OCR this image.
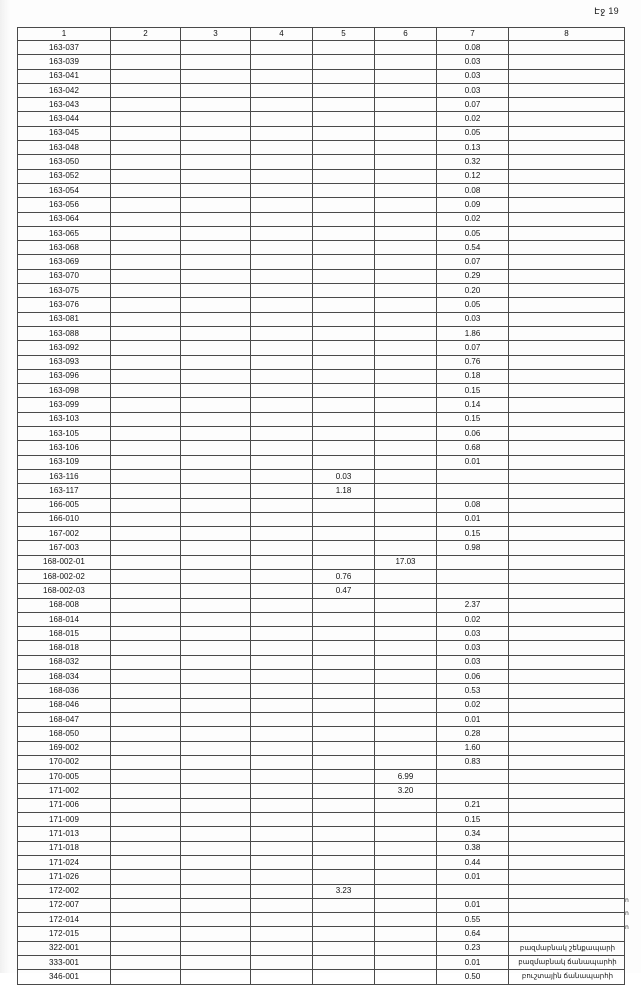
Էջ 19
1	2	3	4	5	6	7	8
163-037						0.08	
163-039						0.03	
163-041						0.03	
163-042						0.03	
163-043						0.07	
163-044						0.02	
163-045						0.05	
163-048						0.13	
163-050						0.32	
163-052						0.12	
163-054						0.08	
163-056						0.09	
163-064						0.02	
163-065						0.05	
163-068						0.54	
163-069						0.07	
163-070						0.29	
163-075						0.20	
163-076						0.05	
163-081						0.03	
163-088						1.86	
163-092						0.07	
163-093						0.76	
163-096						0.18	
163-098						0.15	
163-099						0.14	
163-103						0.15	
163-105						0.06	
163-106						0.68	
163-109						0.01	
163-116				0.03			
163-117				1.18			
166-005						0.08	
166-010						0.01	
167-002						0.15	
167-003						0.98	
168-002-01					17.03		
168-002-02				0.76			
168-002-03				0.47			
168-008						2.37	
168-014						0.02	
168-015						0.03	
168-018						0.03	
168-032						0.03	
168-034						0.06	
168-036						0.53	
168-046						0.02	
168-047						0.01	
168-050						0.28	
169-002						1.60	
170-002						0.83	
170-005					6.99		
171-002					3.20		
171-006						0.21	
171-009						0.15	
171-013						0.34	
171-018						0.38	
171-024						0.44	
171-026						0.01	
172-002				3.23			
172-007						0.01	
172-014						0.55	
172-015						0.64	
322-001						0.23	բազմաբնակ շենքապարի
333-001						0.01	բազմաբնակ ճանապարհի
346-001						0.50	բուշտային ճանապարհի
ո
ո
ո
